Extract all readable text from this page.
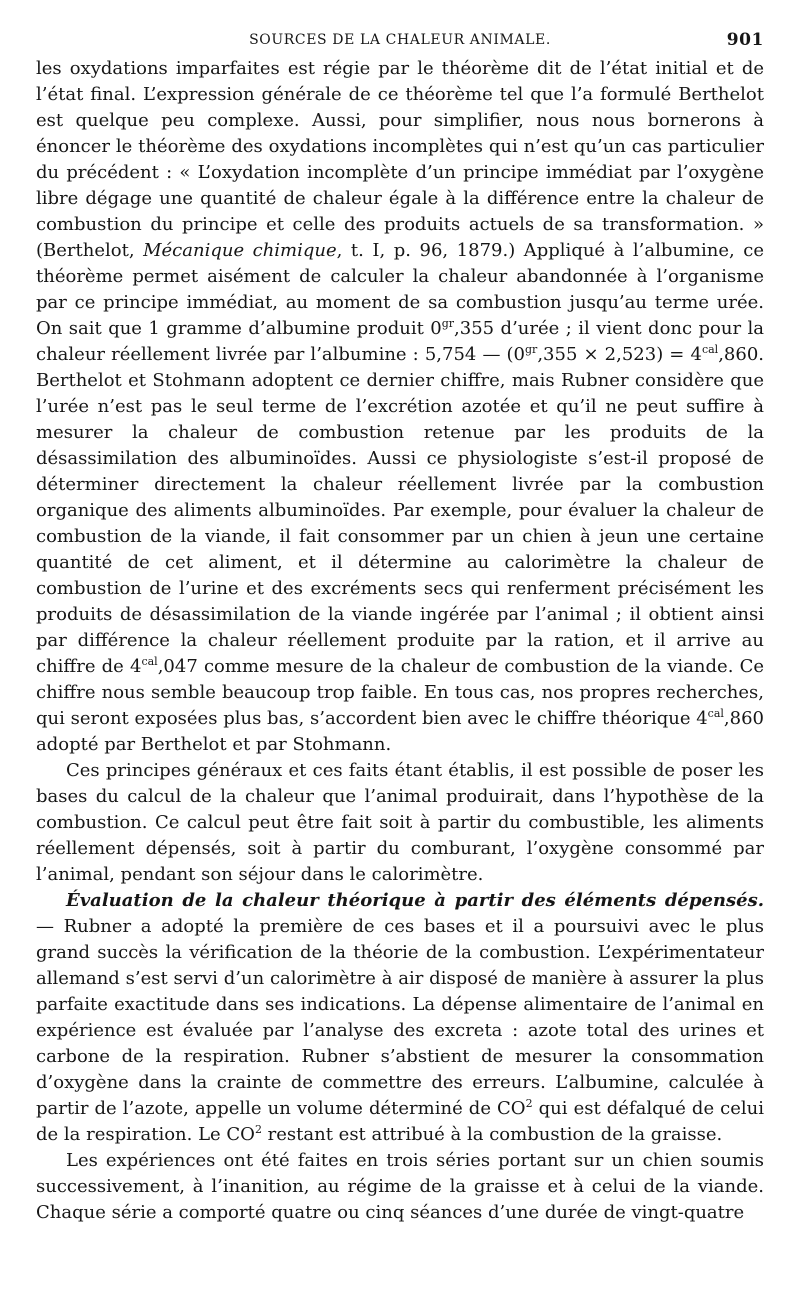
SOURCES DE LA CHALEUR ANIMALE.	901

les oxydations imparfaites est régie par le théorème dit de l’état initial et de l’état final. L’expression générale de ce théorème tel que l’a formulé Berthelot est quelque peu complexe. Aussi, pour simplifier, nous nous bornerons à énoncer le théorème des oxydations incomplètes qui n’est qu’un cas particulier du précédent : « L’oxydation incomplète d’un principe immédiat par l’oxygène libre dégage une quantité de chaleur égale à la différence entre la chaleur de combustion du principe et celle des produits actuels de sa transformation. » (Berthelot, Mécanique chimique, t. I, p. 96, 1879.) Appliqué à l’albumine, ce théorème permet aisément de calculer la chaleur abandonnée à l’organisme par ce principe immédiat, au moment de sa combustion jusqu’au terme urée. On sait que 1 gramme d’albumine produit $0^{gr},355$ d’urée ; il vient donc pour la chaleur réellement livrée par l’albumine : 5,754 — $(0^{gr},355 \times 2,523) = 4^{cal},860$. Berthelot et Stohmann adoptent ce dernier chiffre, mais Rubner considère que l’urée n’est pas le seul terme de l’excrétion azotée et qu’il ne peut suffire à mesurer la chaleur de combustion retenue par les produits de la désassimilation des albuminoïdes. Aussi ce physiologiste s’est-il proposé de déterminer directement la chaleur réellement livrée par la combustion organique des aliments albuminoïdes. Par exemple, pour évaluer la chaleur de combustion de la viande, il fait consommer par un chien à jeun une certaine quantité de cet aliment, et il détermine au calorimètre la chaleur de combustion de l’urine et des excréments secs qui renferment précisément les produits de désassimilation de la viande ingérée par l’animal ; il obtient ainsi par différence la chaleur réellement produite par la ration, et il arrive au chiffre de $4^{cal},047$ comme mesure de la chaleur de combustion de la viande. Ce chiffre nous semble beaucoup trop faible. En tous cas, nos propres recherches, qui seront exposées plus bas, s’accordent bien avec le chiffre théorique $4^{cal},860$ adopté par Berthelot et par Stohmann.

Ces principes généraux et ces faits étant établis, il est possible de poser les bases du calcul de la chaleur que l’animal produirait, dans l’hypothèse de la combustion. Ce calcul peut être fait soit à partir du combustible, les aliments réellement dépensés, soit à partir du comburant, l’oxygène consommé par l’animal, pendant son séjour dans le calorimètre.

Évaluation de la chaleur théorique à partir des éléments dépensés. — Rubner a adopté la première de ces bases et il a poursuivi avec le plus grand succès la vérification de la théorie de la combustion. L’expérimentateur allemand s’est servi d’un calorimètre à air disposé de manière à assurer la plus parfaite exactitude dans ses indications. La dépense alimentaire de l’animal en expérience est évaluée par l’analyse des excreta : azote total des urines et carbone de la respiration. Rubner s’abstient de mesurer la consommation d’oxygène dans la crainte de commettre des erreurs. L’albumine, calculée à partir de l’azote, appelle un volume déterminé de $CO^2$ qui est défalqué de celui de la respiration. Le $CO^2$ restant est attribué à la combustion de la graisse.

Les expériences ont été faites en trois séries portant sur un chien soumis successivement, à l’inanition, au régime de la graisse et à celui de la viande. Chaque série a comporté quatre ou cinq séances d’une durée de vingt-quatre
